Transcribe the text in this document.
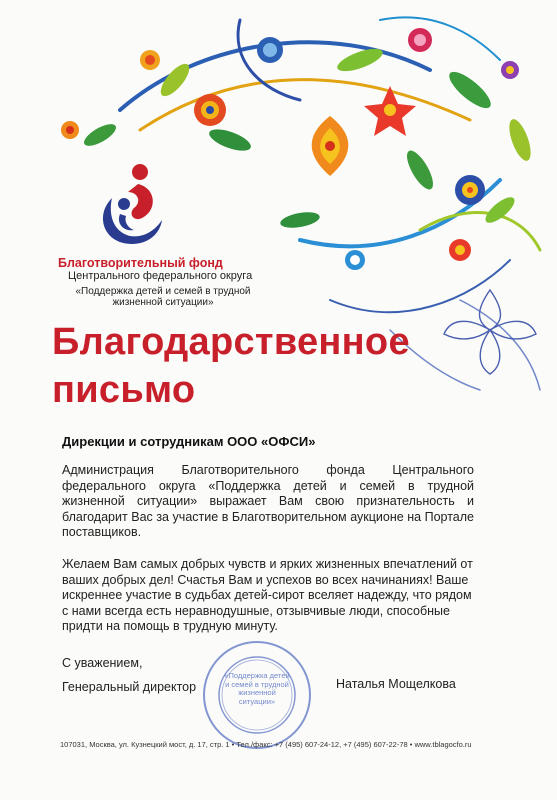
Благотворительный фонд
Центрального федерального округа
«Поддержка детей и семей в трудной жизненной ситуации»
Благодарственное
письмо
Дирекции и сотрудникам ООО «ОФСИ»
Администрация Благотворительного фонда Центрального федерального округа «Поддержка детей и семей в трудной жизненной ситуации» выражает Вам свою признательность и благодарит Вас за участие в Благотворительном аукционе на Портале поставщиков.
Желаем Вам самых добрых чувств и ярких жизненных впечатлений от ваших добрых дел! Счастья Вам и успехов во всех начинаниях! Ваше искреннее участие в судьбах детей-сирот вселяет надежду, что рядом с нами всегда есть неравнодушные, отзывчивые люди, способные придти на помощь в трудную минуту.
С уважением,
Генеральный директор	Наталья Мощелкова
«Поддержка детей и семей в трудной жизненной ситуации»
107031, Москва, ул. Кузнецкий мост, д. 17, стр. 1 • Тел./факс: +7 (495) 607-24-12, +7 (495) 607-22-78 • www.tblagocfo.ru
